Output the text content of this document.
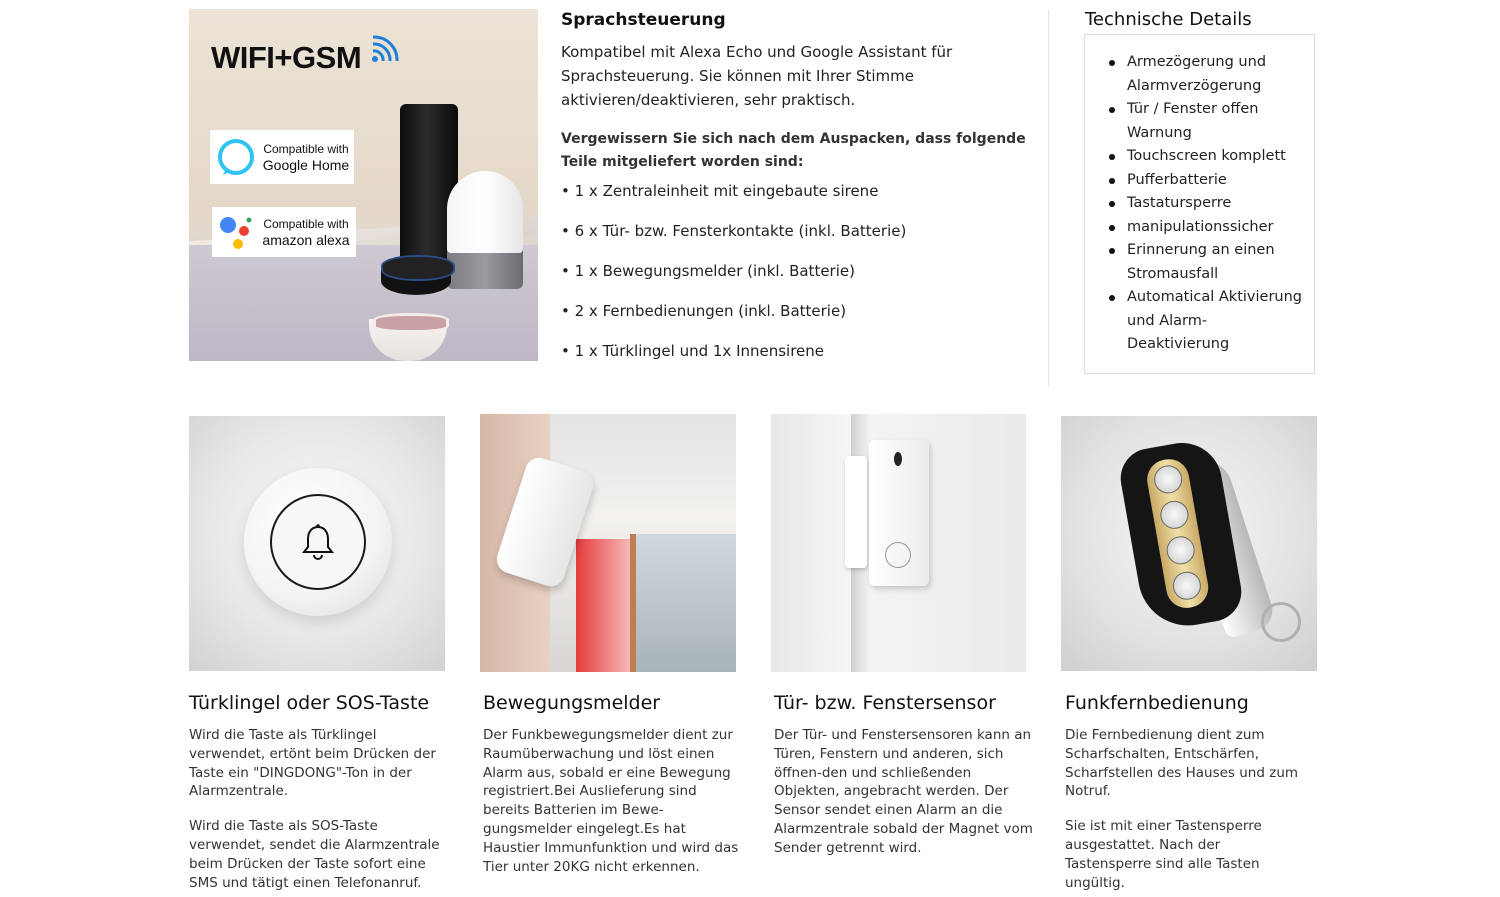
WIFI+GSM
Compatible with
Google Home
Compatible with
amazon alexa
Sprachsteuerung

Kompatibel mit Alexa Echo und Google Assistant für Sprachsteuerung. Sie können mit Ihrer Stimme aktivieren/deaktivieren, sehr praktisch.

Vergewissern Sie sich nach dem Auspacken, dass folgende Teile mitgeliefert worden sind:

• 1 x Zentraleinheit mit eingebaute sirene
• 6 x Tür- bzw. Fensterkontakte (inkl. Batterie)
• 1 x Bewegungsmelder (inkl. Batterie)
• 2 x Fernbedienungen (inkl. Batterie)
• 1 x Türklingel und 1x Innensirene
Technische Details
Armezögerung und Alarmverzögerung
Tür / Fenster offen Warnung
Touchscreen komplett
Pufferbatterie
Tastatursperre
manipulationssicher
Erinnerung an einen Stromausfall
Automatical Aktivierung und Alarm-Deaktivierung
Türklingel oder SOS-Taste

Wird die Taste als Türklingel verwendet, ertönt beim Drücken der Taste ein "DINGDONG"-Ton in der Alarmzentrale.

Wird die Taste als SOS-Taste verwendet, sendet die Alarmzentrale beim Drücken der Taste sofort eine SMS und tätigt einen Telefonanruf.

Bewegungsmelder

Der Funkbewegungsmelder dient zur Raumüberwachung und löst einen Alarm aus, sobald er eine Bewegung registriert.Bei Auslieferung sind bereits Batterien im Bewe-gungsmelder eingelegt.Es hat Haustier Immunfunktion und wird das Tier unter 20KG nicht erkennen.

Tür- bzw. Fenstersensor

Der Tür- und Fenstersensoren kann an Türen, Fenstern und anderen, sich öffnen-den und schließenden Objekten, angebracht werden. Der Sensor sendet einen Alarm an die Alarmzentrale sobald der Magnet vom Sender getrennt wird.

Funkfernbedienung

Die Fernbedienung dient zum Scharfschalten, Entschärfen, Scharfstellen des Hauses und zum Notruf.

Sie ist mit einer Tastensperre ausgestattet. Nach der Tastensperre sind alle Tasten ungültig.
